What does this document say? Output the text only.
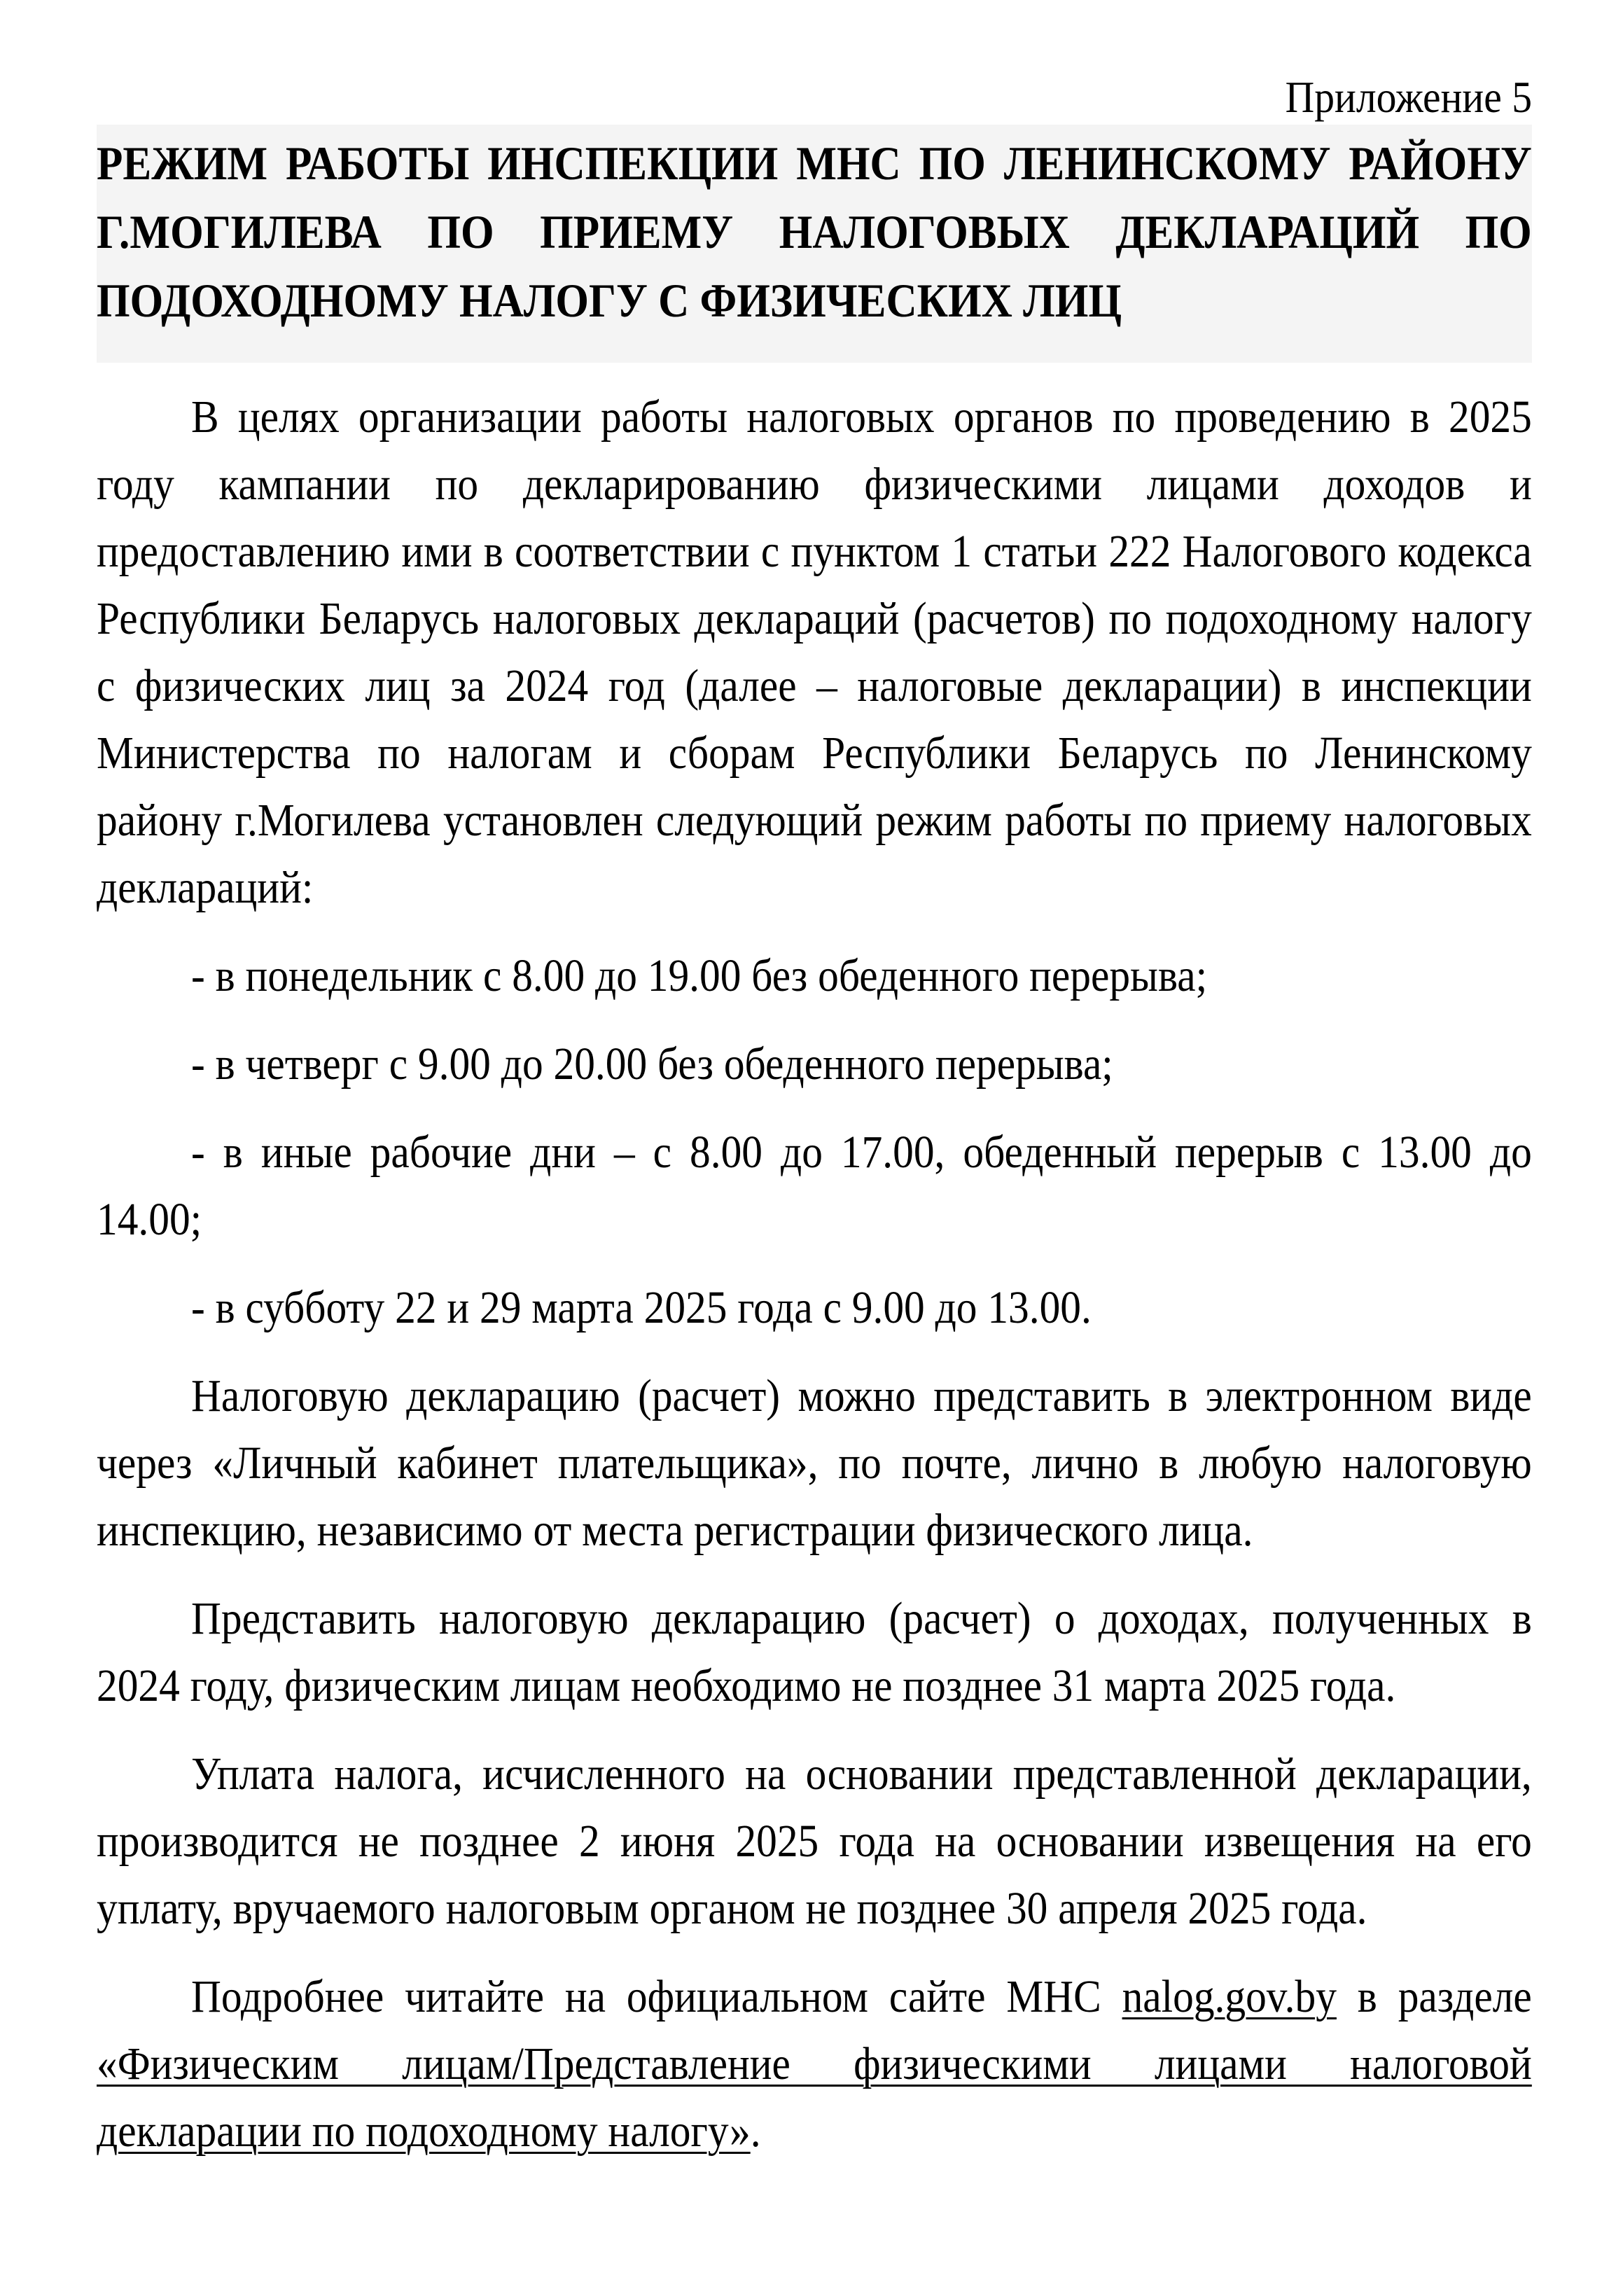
Приложение 5

РЕЖИМ РАБОТЫ ИНСПЕКЦИИ МНС ПО ЛЕНИНСКОМУ РАЙОНУ Г.МОГИЛЕВА ПО ПРИЕМУ НАЛОГОВЫХ ДЕКЛАРАЦИЙ ПО ПОДОХОДНОМУ НАЛОГУ С ФИЗИЧЕСКИХ ЛИЦ

В целях организации работы налоговых органов по проведению в 2025 году кампании по декларированию физическими лицами доходов и предоставлению ими в соответствии с пунктом 1 статьи 222 Налогового кодекса Республики Беларусь налоговых деклараций (расчетов) по подоходному налогу с физических лиц за 2024 год (далее – налоговые декларации) в инспекции Министерства по налогам и сборам Республики Беларусь по Ленинскому району г.Могилева установлен следующий режим работы по приему налоговых деклараций:

- в понедельник с 8.00 до 19.00 без обеденного перерыва;

- в четверг с 9.00 до 20.00 без обеденного перерыва;

- в иные рабочие дни – с 8.00 до 17.00, обеденный перерыв с 13.00 до 14.00;

- в субботу 22 и 29 марта 2025 года с 9.00 до 13.00.

Налоговую декларацию (расчет) можно представить в электронном виде через «Личный кабинет плательщика», по почте, лично в любую налоговую инспекцию, независимо от места регистрации физического лица.

Представить налоговую декларацию (расчет) о доходах, полученных в 2024 году, физическим лицам необходимо не позднее 31 марта 2025 года.

Уплата налога, исчисленного на основании представленной декларации, производится не позднее 2 июня 2025 года на основании извещения на его уплату, вручаемого налоговым органом не позднее 30 апреля 2025 года.

Подробнее читайте на официальном сайте МНС nalog.gov.by в разделе «Физическим лицам/Представление физическими лицами налоговой декларации по подоходному налогу».
